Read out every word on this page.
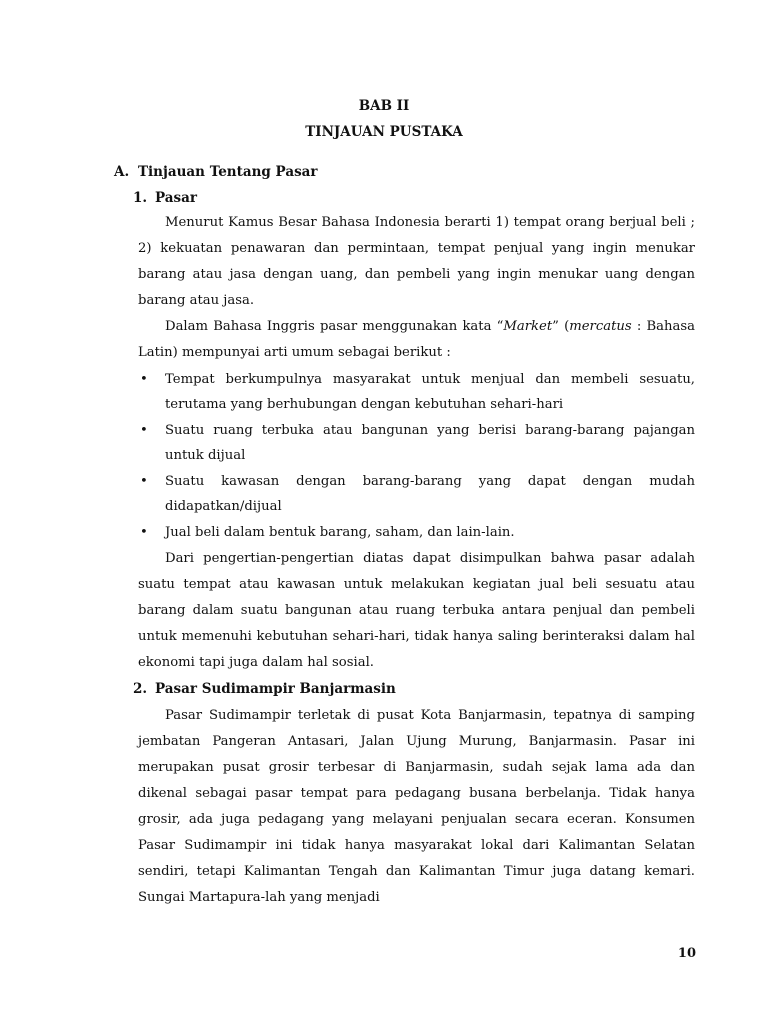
BAB II
TINJAUAN PUSTAKA
A. Tinjauan Tentang Pasar
1. Pasar

Menurut Kamus Besar Bahasa Indonesia berarti 1) tempat orang berjual beli ; 2) kekuatan penawaran dan permintaan, tempat penjual yang ingin menukar barang atau jasa dengan uang, dan pembeli yang ingin menukar uang dengan barang atau jasa.

Dalam Bahasa Inggris pasar menggunakan kata “Market” (mercatus : Bahasa Latin) mempunyai arti umum sebagai berikut :

• Tempat berkumpulnya masyarakat untuk menjual dan membeli sesuatu, terutama yang berhubungan dengan kebutuhan sehari-hari
• Suatu ruang terbuka atau bangunan yang berisi barang-barang pajangan untuk dijual
• Suatu kawasan dengan barang-barang yang dapat dengan mudah didapatkan/dijual
• Jual beli dalam bentuk barang, saham, dan lain-lain.

Dari pengertian-pengertian diatas dapat disimpulkan bahwa pasar adalah suatu tempat atau kawasan untuk melakukan kegiatan jual beli sesuatu atau barang dalam suatu bangunan atau ruang terbuka antara penjual dan pembeli untuk memenuhi kebutuhan sehari-hari, tidak hanya saling berinteraksi dalam hal ekonomi tapi juga dalam hal sosial.

2. Pasar Sudimampir Banjarmasin

Pasar Sudimampir terletak di pusat Kota Banjarmasin, tepatnya di samping jembatan Pangeran Antasari, Jalan Ujung Murung, Banjarmasin. Pasar ini merupakan pusat grosir terbesar di Banjarmasin, sudah sejak lama ada dan dikenal sebagai pasar tempat para pedagang busana berbelanja. Tidak hanya grosir, ada juga pedagang yang melayani penjualan secara eceran. Konsumen Pasar Sudimampir ini tidak hanya masyarakat lokal dari Kalimantan Selatan sendiri, tetapi Kalimantan Tengah dan Kalimantan Timur juga datang kemari. Sungai Martapura-lah yang menjadi

10
